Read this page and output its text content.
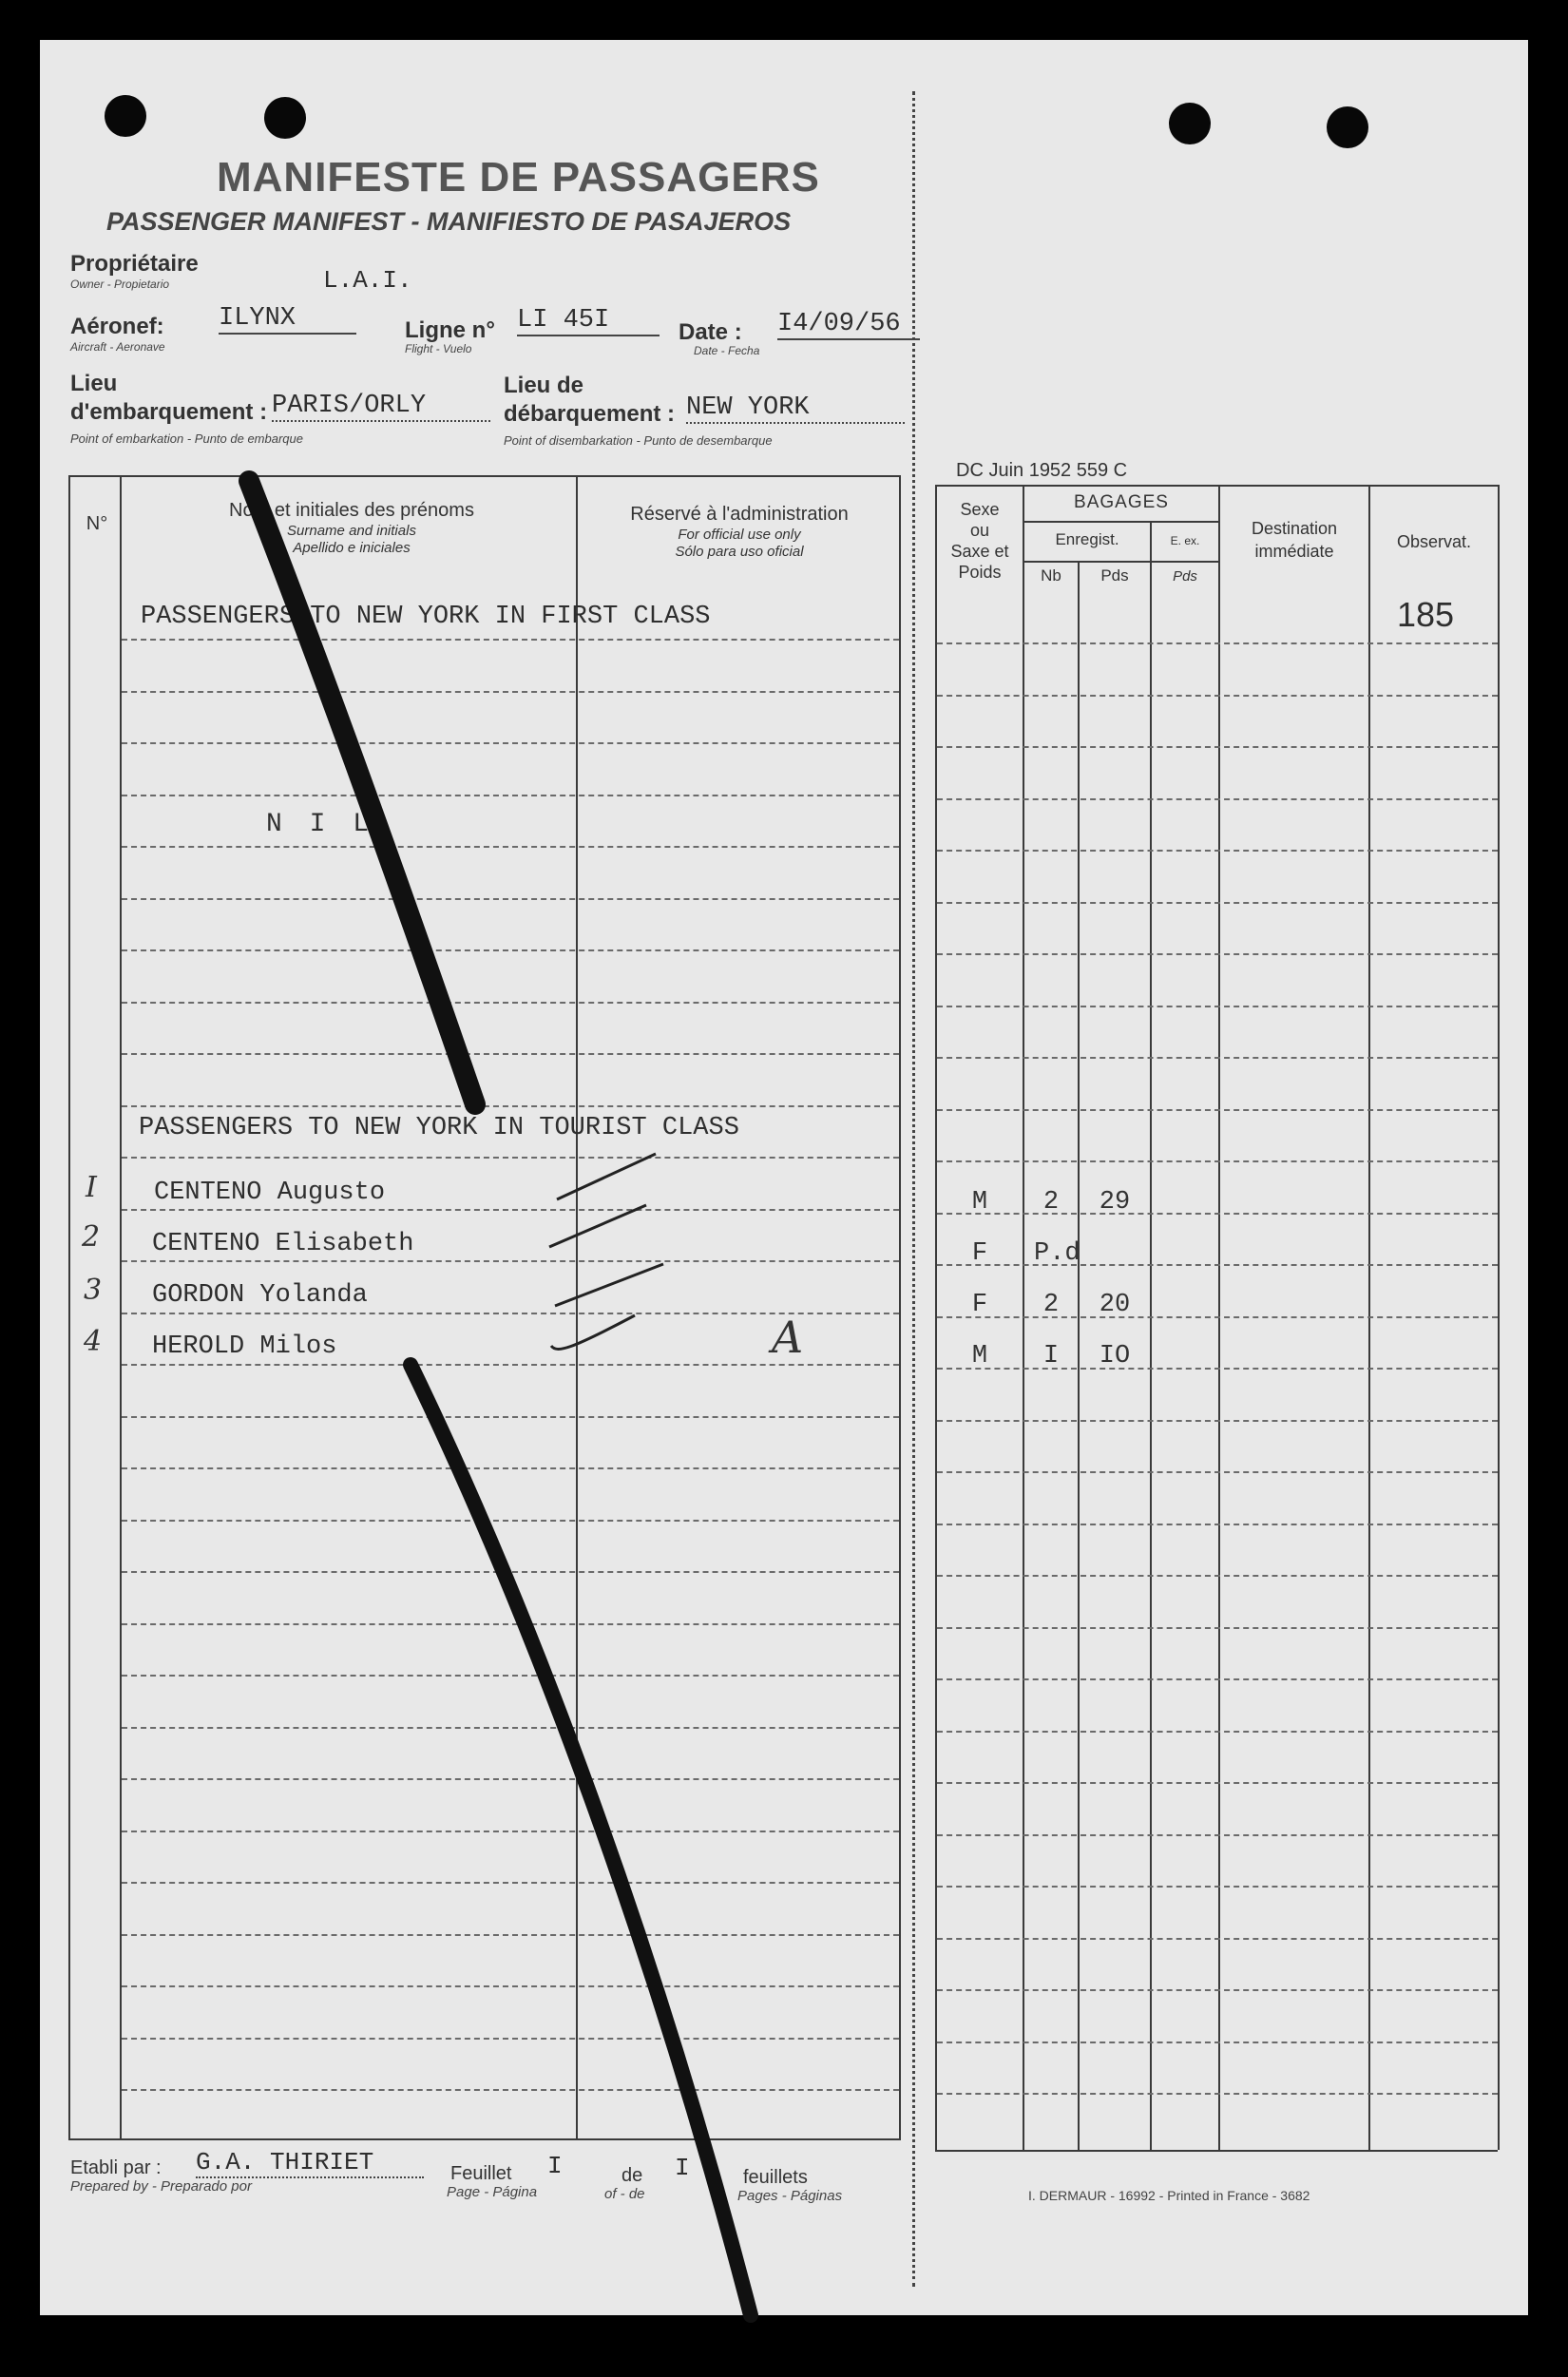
MANIFESTE DE PASSAGERS
PASSENGER MANIFEST - MANIFIESTO DE PASAJEROS
Propriétaire
Owner - Propietario	L.A.I.
Aéronef:
Aircraft - Aeronave
ILYNX	Ligne n°
Flight - Vuelo
LI 45I	Date :
Date - Fecha
I4/09/56
Lieu
d'embarquement :
Point of embarkation - Punto de embarque
PARIS/ORLY
Lieu de
débarquement :
Point of disembarkation - Punto de desembarque
NEW YORK
DC Juin 1952 559 C
N°
Nom et initiales des prénoms
Surname and initials
Apellido e iniciales
Réservé à l'administration
For official use only
Sólo para uso oficial
Sexe
ou
Saxe et
Poids
BAGAGES
Enregist.	E. ex.
Nb	Pds	Pds
Destination
immédiate	Observat.
185
PASSENGERS TO NEW YORK IN FIRST CLASS
N I L
PASSENGERS TO NEW YORK IN TOURIST CLASS
I CENTENO Augusto	M	2	29
2 CENTENO Elisabeth	F	P.d
3 GORDON Yolanda	F	2	20
4 HEROLD Milos	M	I	IO
A
Etabli par :
Prepared by - Preparado por
G.A. THIRIET	Feuillet
Page - Página
I	de
of - de
I	feuillets
Pages - Páginas	I. DERMAUR - 16992 - Printed in France - 3682
